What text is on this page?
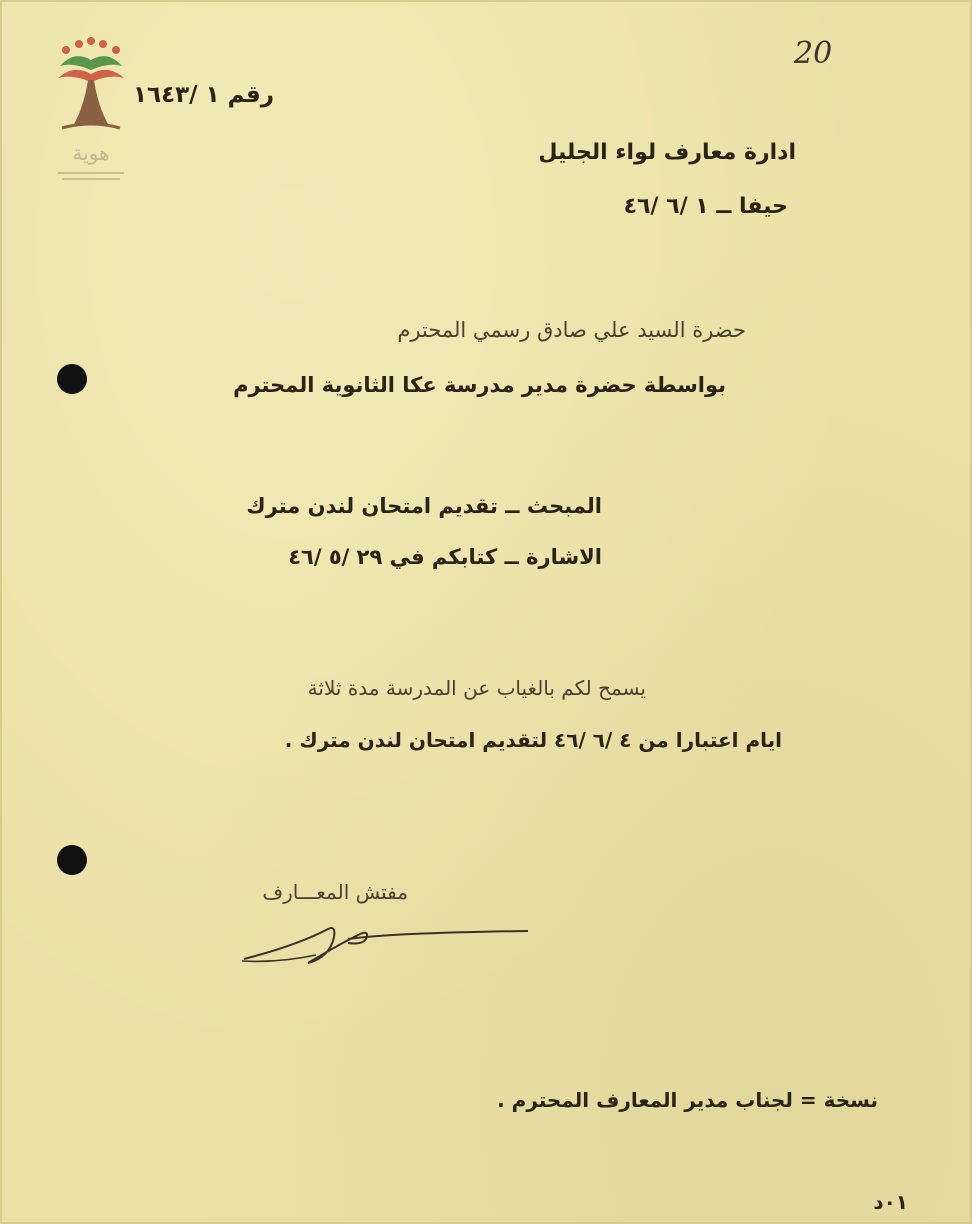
هوية
20
رقم ١ /١٦٤٣
ادارة معارف لواء الجليل
حيفا ــ ١ /٦ /٤٦
حضرة السيد علي صادق رسمي المحترم
بواسطة حضرة مدير مدرسة عكا الثانوية المحترم
المبحث ــ تقديم امتحان لندن مترك
الاشارة ــ كتابكم في ٢٩ /٥ /٤٦
يسمح لكم بالغياب عن المدرسة مدة ثلاثة
ايام اعتبارا من ٤ /٦ /٤٦ لتقديم امتحان لندن مترك .
مفتش المعـــارف
نسخة = لجناب مدير المعارف المحترم .
٠١د
